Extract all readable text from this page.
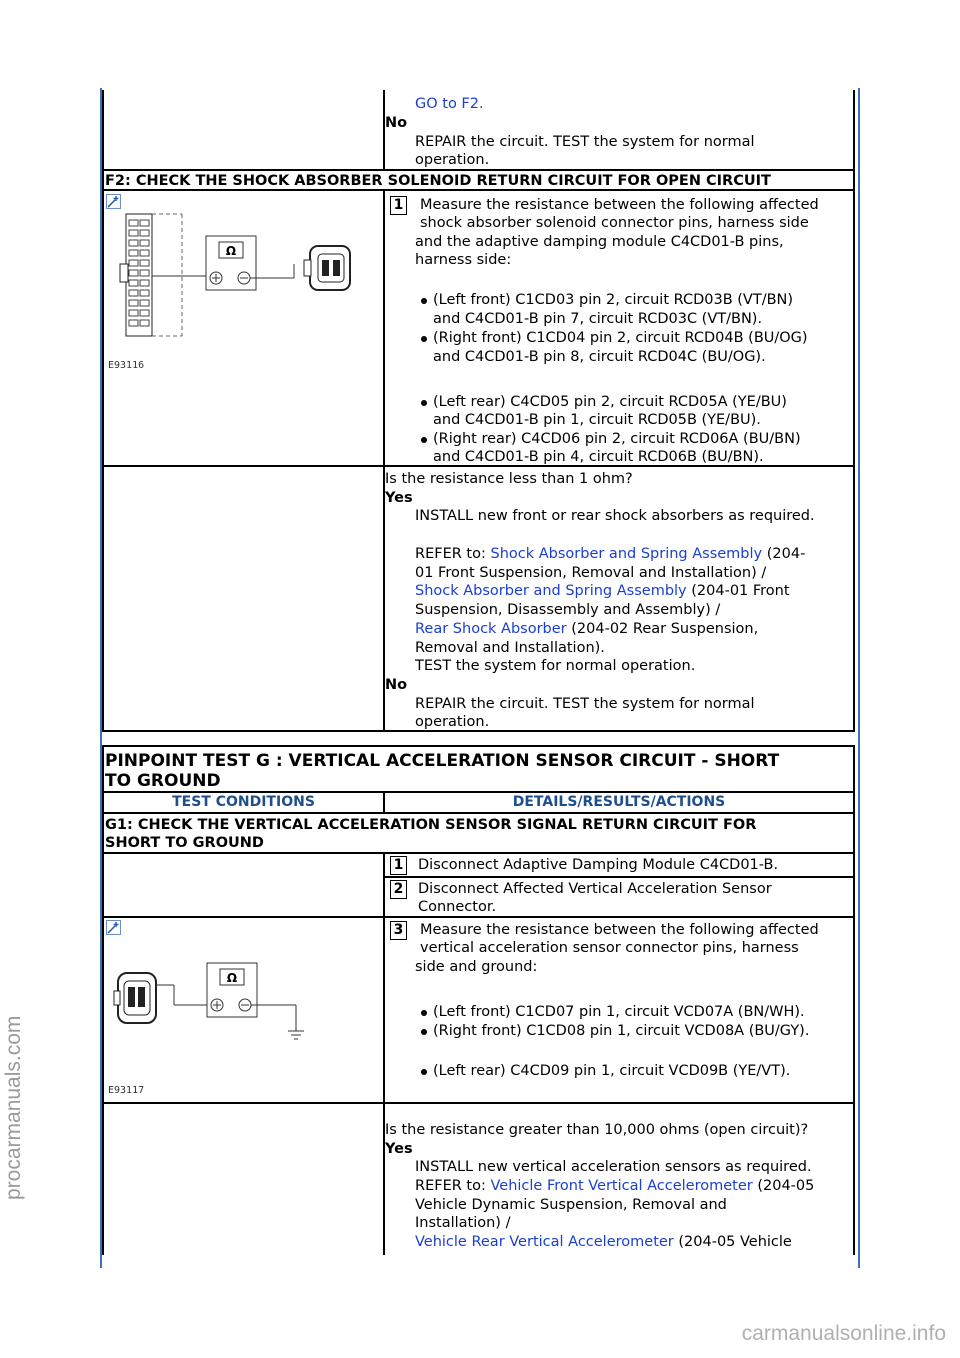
procarmanuals.com
carmanualsonline.info
GO to F2.
No
REPAIR the circuit. TEST the system for normal
operation.
F2: CHECK THE SHOCK ABSORBER SOLENOID RETURN CIRCUIT FOR OPEN CIRCUIT
Ω
E93116
1 Measure the resistance between the following affected
shock absorber solenoid connector pins, harness side
and the adaptive damping module C4CD01-B pins,
harness side:
(Left front) C1CD03 pin 2, circuit RCD03B (VT/BN)
and C4CD01-B pin 7, circuit RCD03C (VT/BN).
(Right front) C1CD04 pin 2, circuit RCD04B (BU/OG)
and C4CD01-B pin 8, circuit RCD04C (BU/OG).
(Left rear) C4CD05 pin 2, circuit RCD05A (YE/BU)
and C4CD01-B pin 1, circuit RCD05B (YE/BU).
(Right rear) C4CD06 pin 2, circuit RCD06A (BU/BN)
and C4CD01-B pin 4, circuit RCD06B (BU/BN).
Is the resistance less than 1 ohm?
Yes
INSTALL new front or rear shock absorbers as required.
REFER to: Shock Absorber and Spring Assembly (204-
01 Front Suspension, Removal and Installation) /
Shock Absorber and Spring Assembly (204-01 Front
Suspension, Disassembly and Assembly) /
Rear Shock Absorber (204-02 Rear Suspension,
Removal and Installation).
TEST the system for normal operation.
No
REPAIR the circuit. TEST the system for normal
operation.
PINPOINT TEST G : VERTICAL ACCELERATION SENSOR CIRCUIT - SHORT
TO GROUND
TEST CONDITIONS	DETAILS/RESULTS/ACTIONS
G1: CHECK THE VERTICAL ACCELERATION SENSOR SIGNAL RETURN CIRCUIT FOR
SHORT TO GROUND
1 Disconnect Adaptive Damping Module C4CD01-B.
2 Disconnect Affected Vertical Acceleration Sensor
Connector.
3 Measure the resistance between the following affected
vertical acceleration sensor connector pins, harness
side and ground:
(Left front) C1CD07 pin 1, circuit VCD07A (BN/WH).
(Right front) C1CD08 pin 1, circuit VCD08A (BU/GY).
(Left rear) C4CD09 pin 1, circuit VCD09B (YE/VT).
Ω
E93117
Is the resistance greater than 10,000 ohms (open circuit)?
Yes
INSTALL new vertical acceleration sensors as required.
REFER to: Vehicle Front Vertical Accelerometer (204-05
Vehicle Dynamic Suspension, Removal and
Installation) /
Vehicle Rear Vertical Accelerometer (204-05 Vehicle
